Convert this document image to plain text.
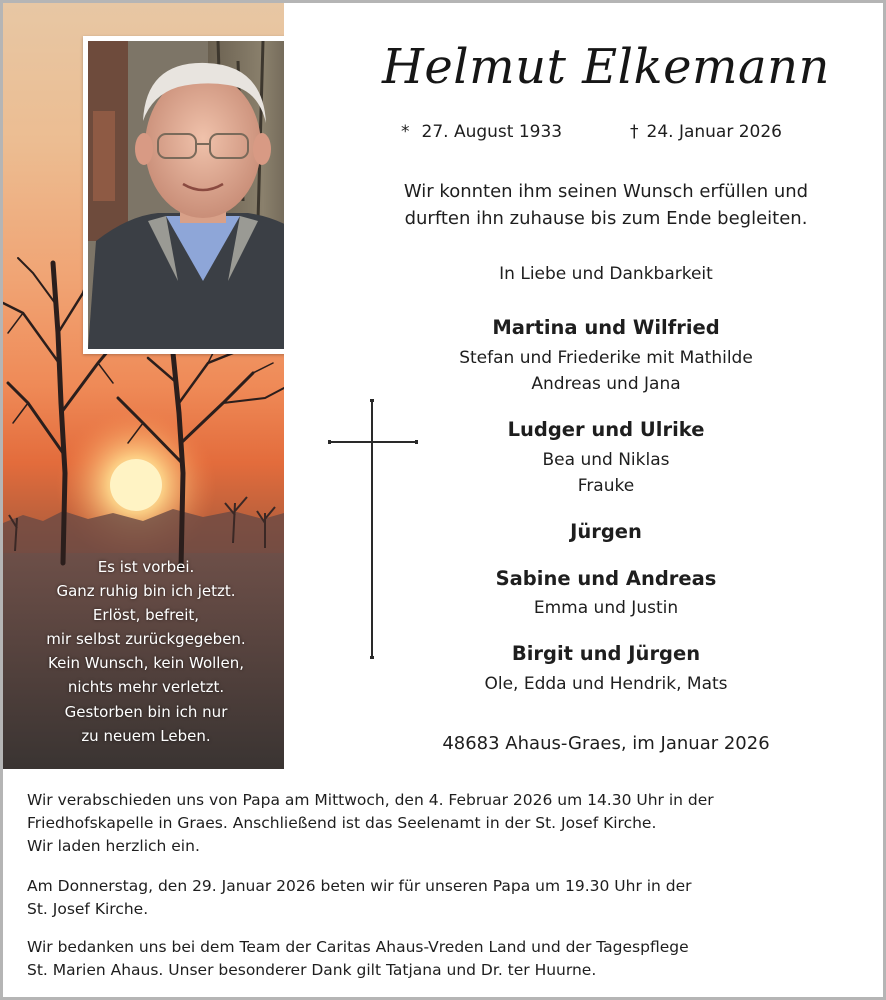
Es ist vorbei.
Ganz ruhig bin ich jetzt.
Erlöst, befreit,
mir selbst zurückgegeben.
Kein Wunsch, kein Wollen,
nichts mehr verletzt.
Gestorben bin ich nur
zu neuem Leben.
Helmut Elkemann
* 27. August 1933	† 24. Januar 2026
Wir konnten ihm seinen Wunsch erfüllen und
durften ihn zuhause bis zum Ende begleiten.
In Liebe und Dankbarkeit
Martina und Wilfried
Stefan und Friederike mit Mathilde
Andreas und Jana
Ludger und Ulrike
Bea und Niklas
Frauke
Jürgen
Sabine und Andreas
Emma und Justin
Birgit und Jürgen
Ole, Edda und Hendrik, Mats
48683 Ahaus-Graes, im Januar 2026
Wir verabschieden uns von Papa am Mittwoch, den 4. Februar 2026 um 14.30 Uhr in der
Friedhofskapelle in Graes. Anschließend ist das Seelenamt in der St. Josef Kirche.
Wir laden herzlich ein.
Am Donnerstag, den 29. Januar 2026 beten wir für unseren Papa um 19.30 Uhr in der
St. Josef Kirche.
Wir bedanken uns bei dem Team der Caritas Ahaus-Vreden Land und der Tagespflege
St. Marien Ahaus. Unser besonderer Dank gilt Tatjana und Dr. ter Huurne.
